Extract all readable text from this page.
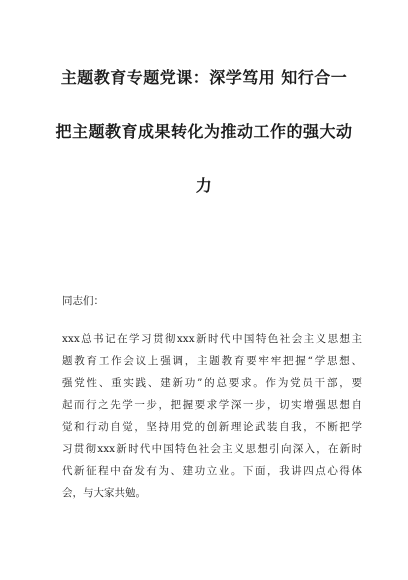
主题教育专题党课：深学笃用 知行合一
把主题教育成果转化为推动工作的强大动
力
同志们：
xxx总书记在学习贯彻xxx新时代中国特色社会主义思想主
题教育工作会议上强调，主题教育要牢牢把握“学思想、
强党性、重实践、建新功”的总要求。作为党员干部，要
起而行之先学一步，把握要求学深一步，切实增强思想自
觉和行动自觉，坚持用党的创新理论武装自我，不断把学
习贯彻xxx新时代中国特色社会主义思想引向深入，在新时
代新征程中奋发有为、建功立业。下面，我讲四点心得体
会，与大家共勉。
